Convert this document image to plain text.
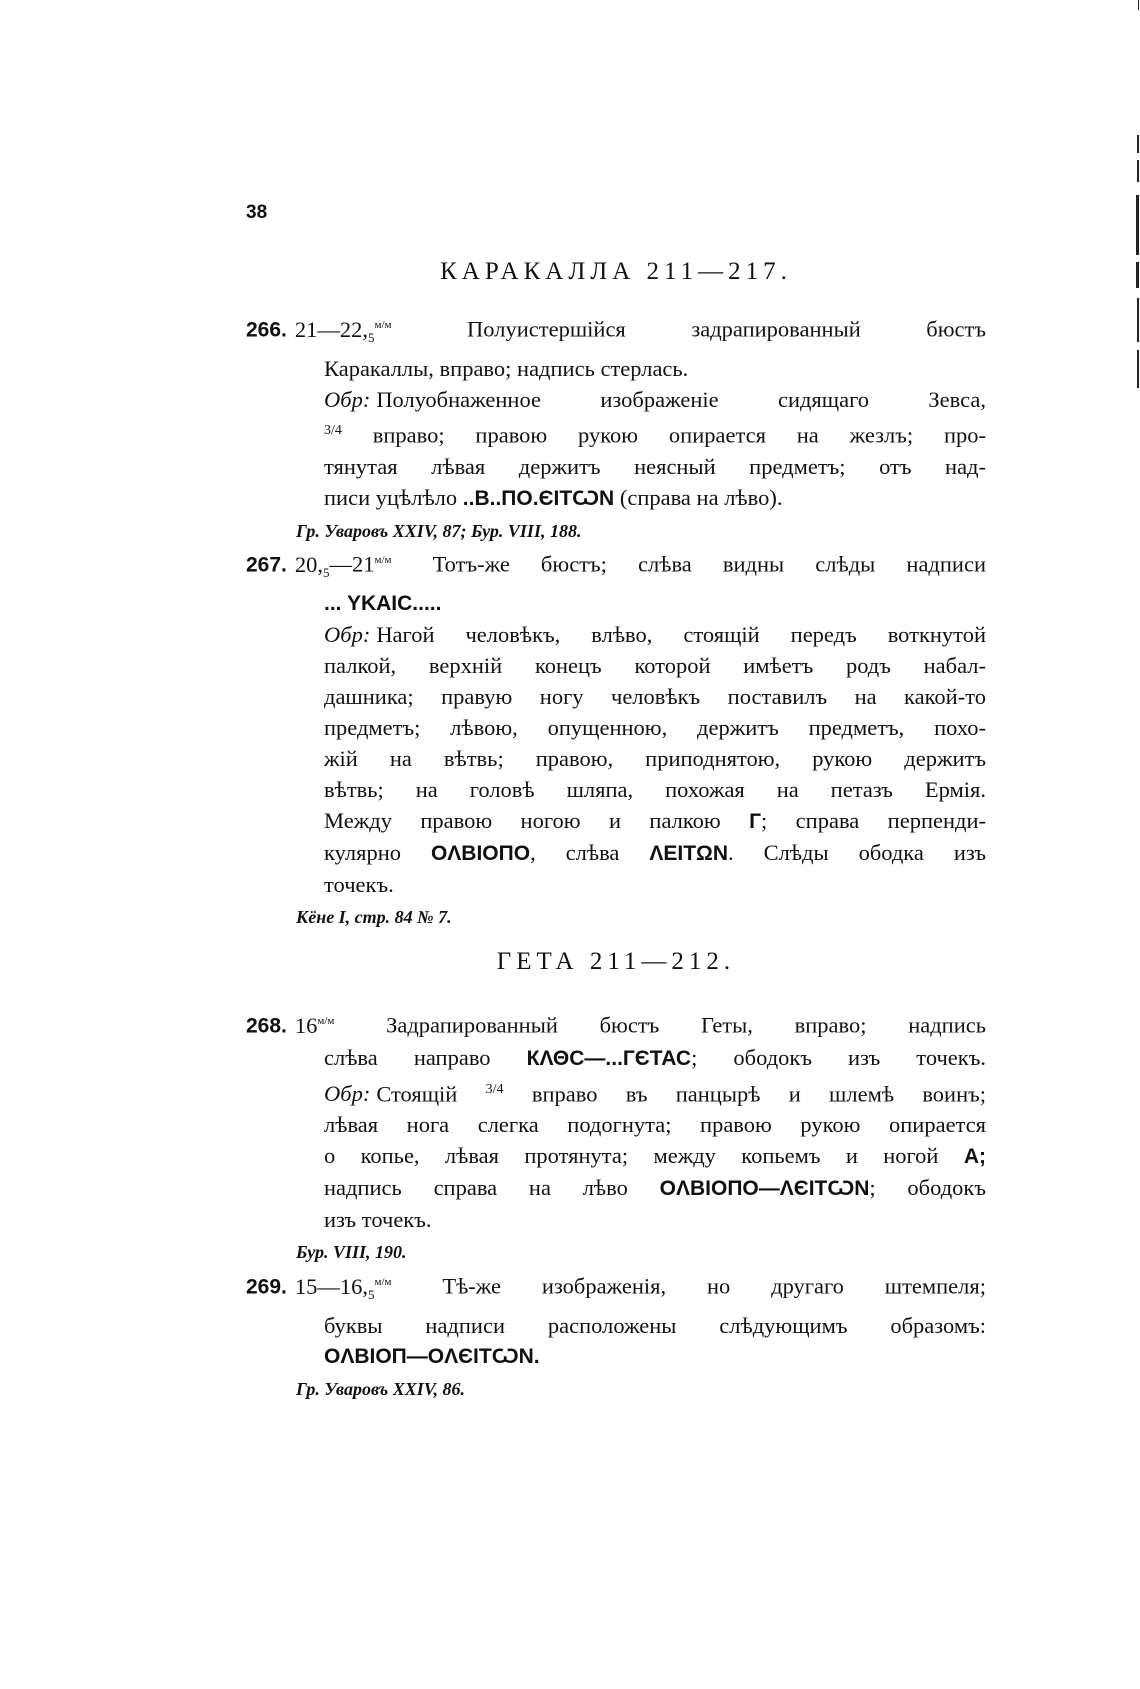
38
КАРАКАЛЛА 211—217.
266. $21—22,_5^{м/м}$	Полуистершійся задрапированный бюстъ
Каракаллы, вправо; надпись стерлась.
Обр: Полуобнаженное изображеніе сидящаго Зевса,
$^{3/4}$ вправо; правою рукою опирается на жезлъ; про-
тянутая лѣвая держитъ неясный предметъ; отъ над-
писи уцѣлѣло ..В..ПО.ЄІТѠN (справа на лѣво).
Гр. Уваровъ XXIV, 87; Бур. VIII, 188.
267. $20,_5—21^{м/м}$ Тотъ-же бюстъ; слѣва видны слѣды надписи
... YKAIC.....
Обр: Нагой человѣкъ, влѣво, стоящій передъ воткнутой
палкой, верхній конецъ которой имѣетъ родъ набал-
дашника; правую ногу человѣкъ поставилъ на какой-то
предметъ; лѣвою, опущенною, держитъ предметъ, похо-
жій на вѣтвь; правою, приподнятою, рукою держитъ
вѣтвь; на головѣ шляпа, похожая на петазъ Ермія.
Между правою ногою и палкою Г; справа перпенди-
кулярно ОΛВІОПО, слѣва ΛЕІТΩN. Слѣды ободка изъ
точекъ.
Кёне I, стр. 84 № 7.
ГЕТА 211—212.
268. $16^{м/м}$ Задрапированный бюстъ Геты, вправо; надпись
слѣва направо КΛΘС—...ГЄТАС; ободокъ изъ точекъ.
Обр: Стоящій $^{3/4}$ вправо въ панцырѣ и шлемѣ воинъ;
лѣвая нога слегка подогнута; правою рукою опирается
о копье, лѣвая протянута; между копьемъ и ногой А;
надпись справа на лѣво ОΛВІОПО—ΛЄІТѠN; ободокъ
изъ точекъ.
Бур. VIII, 190.
269. $15—16,_5^{м/м}$ Тѣ-же изображенія, но другаго штемпеля;
буквы надписи расположены слѣдующимъ образомъ:
ОΛВІОП—ОΛЄІТѠN.
Гр. Уваровъ XXIV, 86.
